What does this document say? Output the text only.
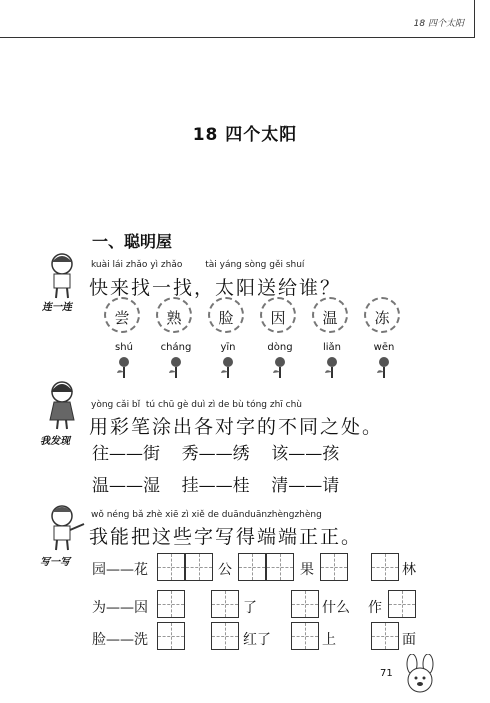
18 四个太阳
18 四个太阳
一、聪明屋
连一连
kuài lái zhǎo yì zhǎo        tài yáng sòng gěi shuí
快来找一找，太阳送给谁？
尝	熟	脸	因	温	冻
shú	cháng	yīn	dòng	liǎn	wēn
我发现
yòng cǎi bǐ  tú chū gè duì zì de bù tóng zhī chù
用彩笔涂出各对字的不同之处。
往——街    秀——绣    该——孩
温——湿    挂——桂    清——请
写一写
wǒ néng bǎ zhè xiē zì xiě de duānduānzhèngzhèng
我能把这些字写得端端正正。
园——花	公	果	林
为——因	了	什么 作
脸——洗	红了	上	面
71
